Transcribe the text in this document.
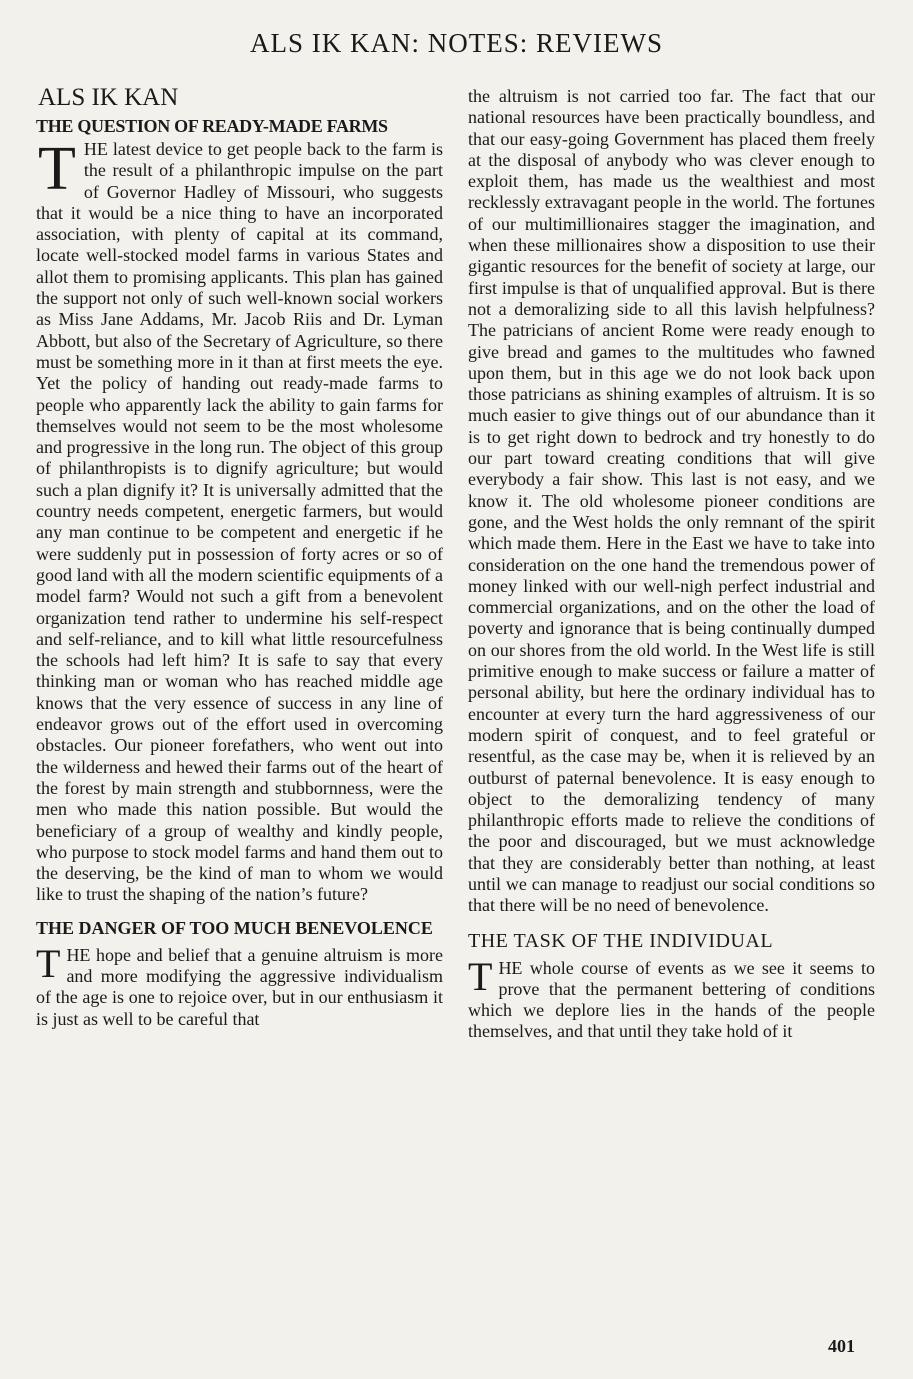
ALS IK KAN: NOTES: REVIEWS
ALS IK KAN
THE QUESTION OF READY-MADE FARMS
T HE latest device to get people back to the farm is the result of a philanthropic impulse on the part of Governor Hadley of Missouri, who suggests that it would be a nice thing to have an incorporated association, with plenty of capital at its command, locate well-stocked model farms in various States and allot them to promising applicants. This plan has gained the support not only of such well-known social workers as Miss Jane Addams, Mr. Jacob Riis and Dr. Lyman Abbott, but also of the Secretary of Agriculture, so there must be something more in it than at first meets the eye. Yet the policy of handing out ready-made farms to people who apparently lack the ability to gain farms for themselves would not seem to be the most wholesome and progressive in the long run. The object of this group of philanthropists is to dignify agriculture; but would such a plan dignify it? It is universally admitted that the country needs competent, energetic farmers, but would any man continue to be competent and energetic if he were suddenly put in possession of forty acres or so of good land with all the modern scientific equipments of a model farm? Would not such a gift from a benevolent organization tend rather to undermine his self-respect and self-reliance, and to kill what little resourcefulness the schools had left him? It is safe to say that every thinking man or woman who has reached middle age knows that the very essence of success in any line of endeavor grows out of the effort used in overcoming obstacles. Our pioneer forefathers, who went out into the wilderness and hewed their farms out of the heart of the forest by main strength and stubbornness, were the men who made this nation possible. But would the beneficiary of a group of wealthy and kindly people, who purpose to stock model farms and hand them out to the deserving, be the kind of man to whom we would like to trust the shaping of the nation’s future?

THE DANGER OF TOO MUCH BENEVOLENCE
T HE hope and belief that a genuine altruism is more and more modifying the aggressive individualism of the age is one to rejoice over, but in our enthusiasm it is just as well to be careful that

the altruism is not carried too far. The fact that our national resources have been practically boundless, and that our easy-going Government has placed them freely at the disposal of anybody who was clever enough to exploit them, has made us the wealthiest and most recklessly extravagant people in the world. The fortunes of our multimillionaires stagger the imagination, and when these millionaires show a disposition to use their gigantic resources for the benefit of society at large, our first impulse is that of unqualified approval. But is there not a demoralizing side to all this lavish helpfulness? The patricians of ancient Rome were ready enough to give bread and games to the multitudes who fawned upon them, but in this age we do not look back upon those patricians as shining examples of altruism. It is so much easier to give things out of our abundance than it is to get right down to bedrock and try honestly to do our part toward creating conditions that will give everybody a fair show. This last is not easy, and we know it. The old wholesome pioneer conditions are gone, and the West holds the only remnant of the spirit which made them. Here in the East we have to take into consideration on the one hand the tremendous power of money linked with our well-nigh perfect industrial and commercial organizations, and on the other the load of poverty and ignorance that is being continually dumped on our shores from the old world. In the West life is still primitive enough to make success or failure a matter of personal ability, but here the ordinary individual has to encounter at every turn the hard aggressiveness of our modern spirit of conquest, and to feel grateful or resentful, as the case may be, when it is relieved by an outburst of paternal benevolence. It is easy enough to object to the demoralizing tendency of many philanthropic efforts made to relieve the conditions of the poor and discouraged, but we must acknowledge that they are considerably better than nothing, at least until we can manage to readjust our social conditions so that there will be no need of benevolence.

THE TASK OF THE INDIVIDUAL
T HE whole course of events as we see it seems to prove that the permanent bettering of conditions which we deplore lies in the hands of the people themselves, and that until they take hold of it

401
